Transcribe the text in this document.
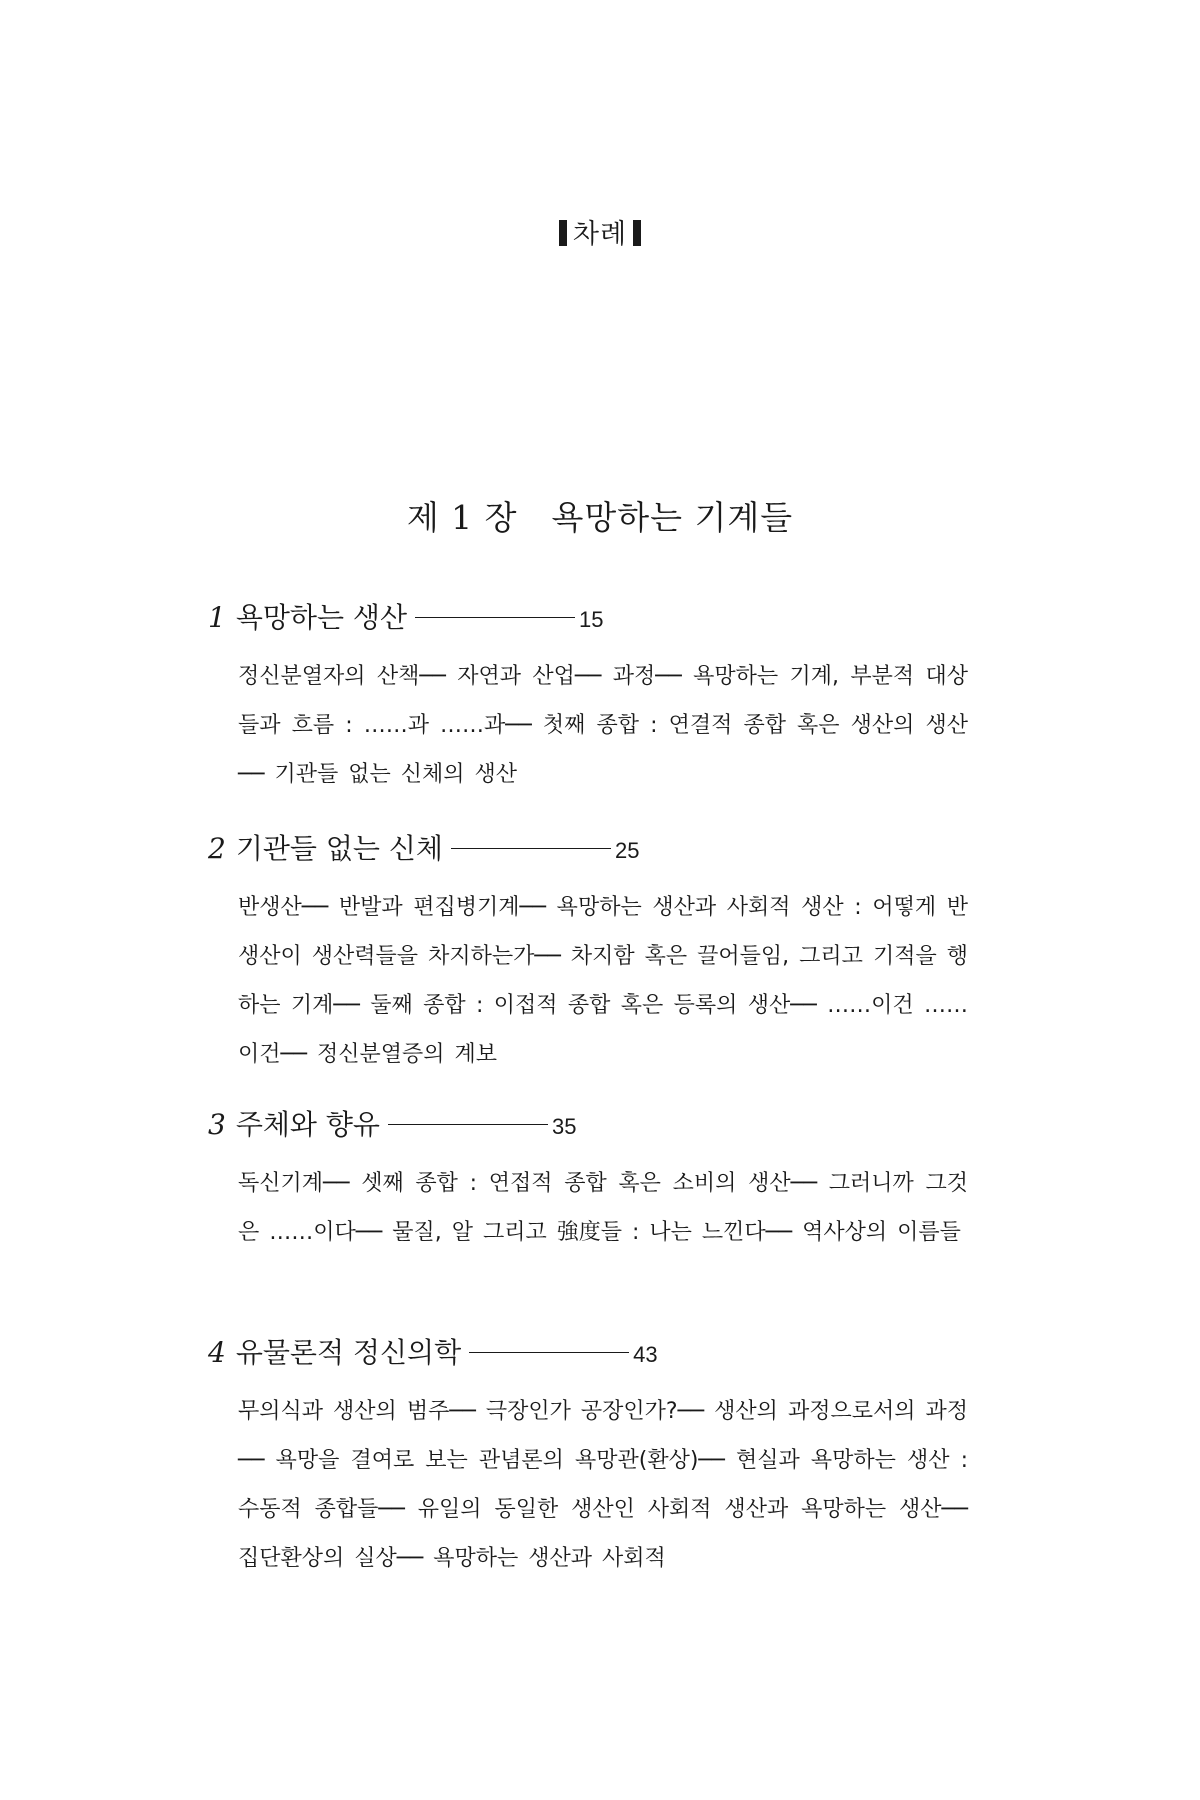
차례
제 1 장 욕망하는 기계들
1 욕망하는 생산	15
정신분열자의 산책── 자연과 산업── 과정── 욕망하는 기계, 부분적 대상들과 흐름 : ……과 ……과── 첫째 종합 : 연결적 종합 혹은 생산의 생산── 기관들 없는 신체의 생산
2 기관들 없는 신체	25
반생산── 반발과 편집병기계── 욕망하는 생산과 사회적 생산 : 어떻게 반생산이 생산력들을 차지하는가── 차지함 혹은 끌어들임, 그리고 기적을 행하는 기계── 둘째 종합 : 이접적 종합 혹은 등록의 생산── ……이건 ……이건── 정신분열증의 계보
3 주체와 향유	35
독신기계── 셋째 종합 : 연접적 종합 혹은 소비의 생산── 그러니까 그것은 ……이다── 물질, 알 그리고 強度들 : 나는 느낀다── 역사상의 이름들
4 유물론적 정신의학	43
무의식과 생산의 범주── 극장인가 공장인가?── 생산의 과정으로서의 과정── 욕망을 결여로 보는 관념론의 욕망관(환상)── 현실과 욕망하는 생산 : 수동적 종합들── 유일의 동일한 생산인 사회적 생산과 욕망하는 생산── 집단환상의 실상── 욕망하는 생산과 사회적
